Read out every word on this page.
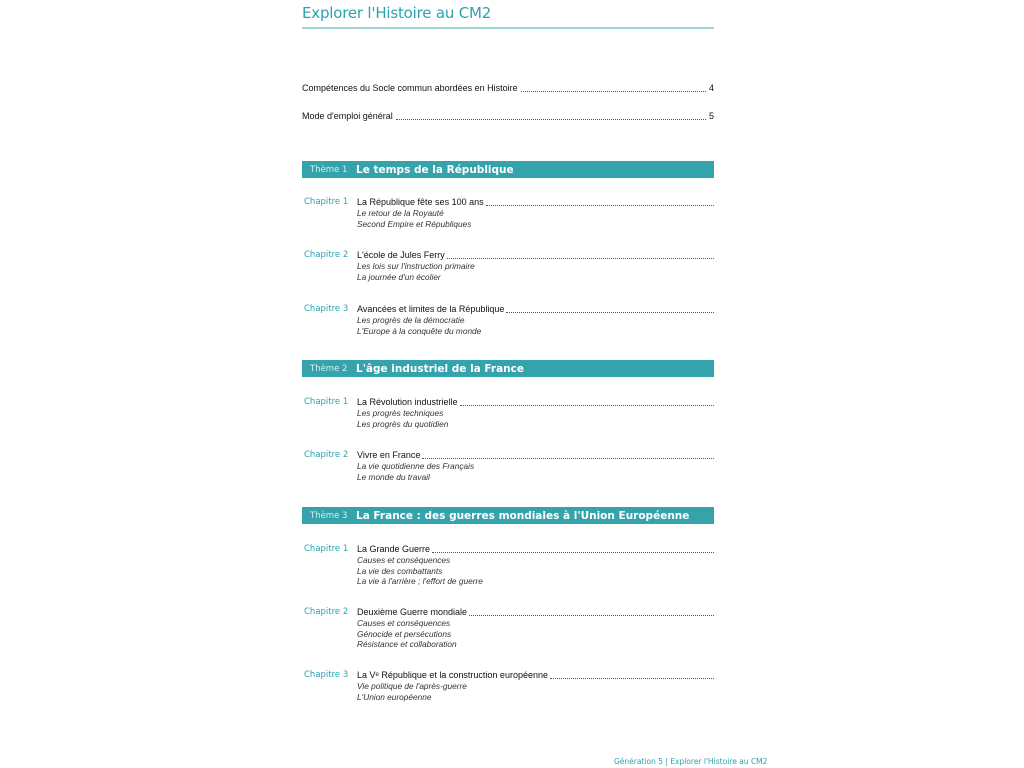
Explorer l'Histoire au CM2
Compétences du Socle commun abordées en Histoire	4
Mode d'emploi général	5
Thème 1 Le temps de la République
Chapitre 1 La République fête ses 100 ans
Le retour de la Royauté
Second Empire et Républiques
Chapitre 2 L'école de Jules Ferry
Les lois sur l'instruction primaire
La journée d'un écolier
Chapitre 3 Avancées et limites de la République
Les progrès de la démocratie
L'Europe à la conquête du monde
Thème 2 L'âge industriel de la France
Chapitre 1 La Révolution industrielle
Les progrès techniques
Les progrès du quotidien
Chapitre 2 Vivre en France
La vie quotidienne des Français
Le monde du travail
Thème 3 La France : des guerres mondiales à l'Union Européenne
Chapitre 1 La Grande Guerre
Causes et conséquences
La vie des combattants
La vie à l'arrière ; l'effort de guerre
Chapitre 2 Deuxième Guerre mondiale
Causes et conséquences
Génocide et persécutions
Résistance et collaboration
Chapitre 3 La Vᵉ République et la construction européenne
Vie politique de l'après-guerre
L'Union européenne
Génération 5 | Explorer l'Histoire au CM2
